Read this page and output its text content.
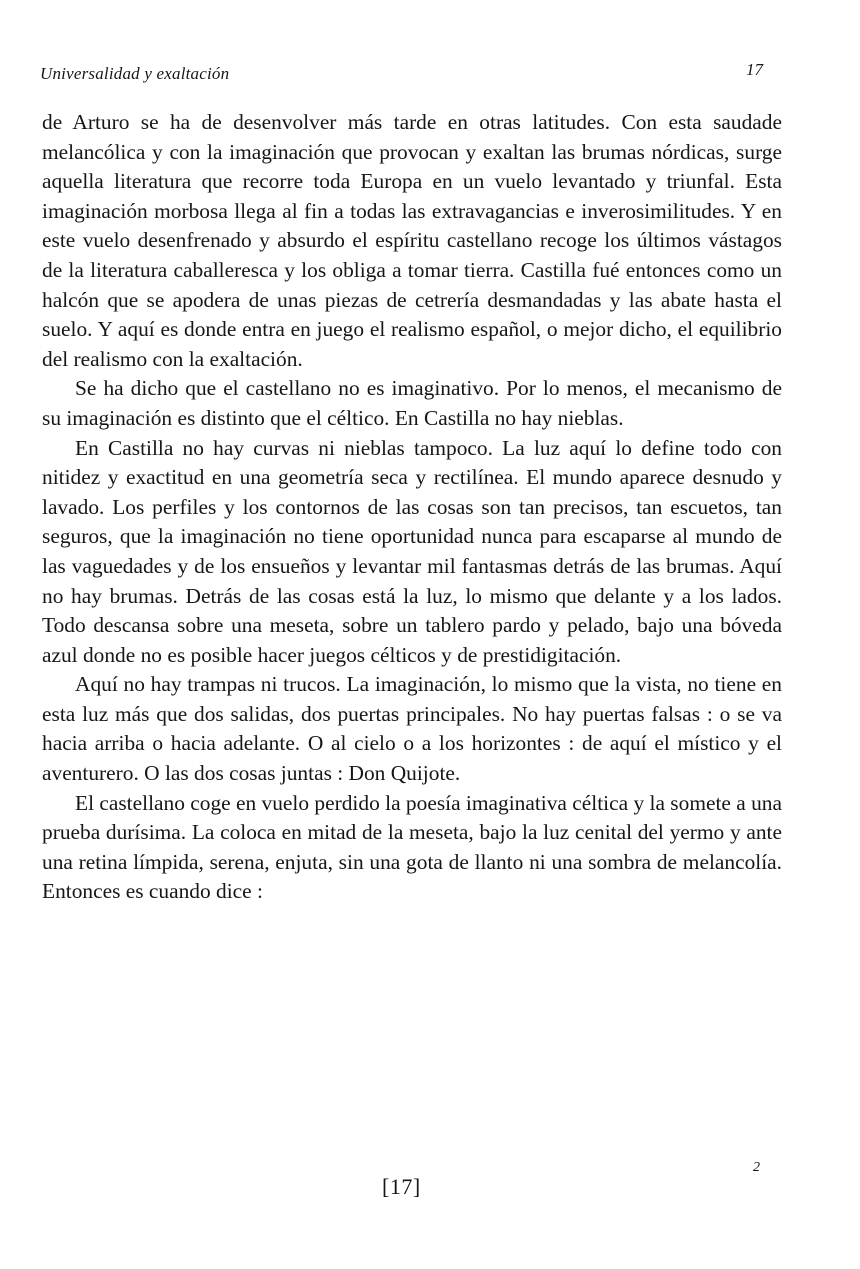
Universalidad y exaltación	17

de Arturo se ha de desenvolver más tarde en otras latitudes. Con esta saudade melancólica y con la imaginación que provocan y exaltan las brumas nórdicas, surge aquella literatura que recorre toda Europa en un vuelo levantado y triunfal. Esta imaginación morbosa llega al fin a todas las extravagancias e inverosimilitudes. Y en este vuelo desenfrenado y absurdo el espíritu castellano recoge los últimos vástagos de la literatura caballeresca y los obliga a tomar tierra. Castilla fué entonces como un halcón que se apodera de unas piezas de cetrería desmandadas y las abate hasta el suelo. Y aquí es donde entra en juego el realismo español, o mejor dicho, el equilibrio del realismo con la exaltación.

Se ha dicho que el castellano no es imaginativo. Por lo menos, el mecanismo de su imaginación es distinto que el céltico. En Castilla no hay nieblas.

En Castilla no hay curvas ni nieblas tampoco. La luz aquí lo define todo con nitidez y exactitud en una geometría seca y rectilínea. El mundo aparece desnudo y lavado. Los perfiles y los contornos de las cosas son tan precisos, tan escuetos, tan seguros, que la imaginación no tiene oportunidad nunca para escaparse al mundo de las vaguedades y de los ensueños y levantar mil fantasmas detrás de las brumas. Aquí no hay brumas. Detrás de las cosas está la luz, lo mismo que delante y a los lados. Todo descansa sobre una meseta, sobre un tablero pardo y pelado, bajo una bóveda azul donde no es posible hacer juegos célticos y de prestidigitación.

Aquí no hay trampas ni trucos. La imaginación, lo mismo que la vista, no tiene en esta luz más que dos salidas, dos puertas principales. No hay puertas falsas : o se va hacia arriba o hacia adelante. O al cielo o a los horizontes : de aquí el místico y el aventurero. O las dos cosas juntas : Don Quijote.

El castellano coge en vuelo perdido la poesía imaginativa céltica y la somete a una prueba durísima. La coloca en mitad de la meseta, bajo la luz cenital del yermo y ante una retina límpida, serena, enjuta, sin una gota de llanto ni una sombra de melancolía. Entonces es cuando dice :

2
[17]
